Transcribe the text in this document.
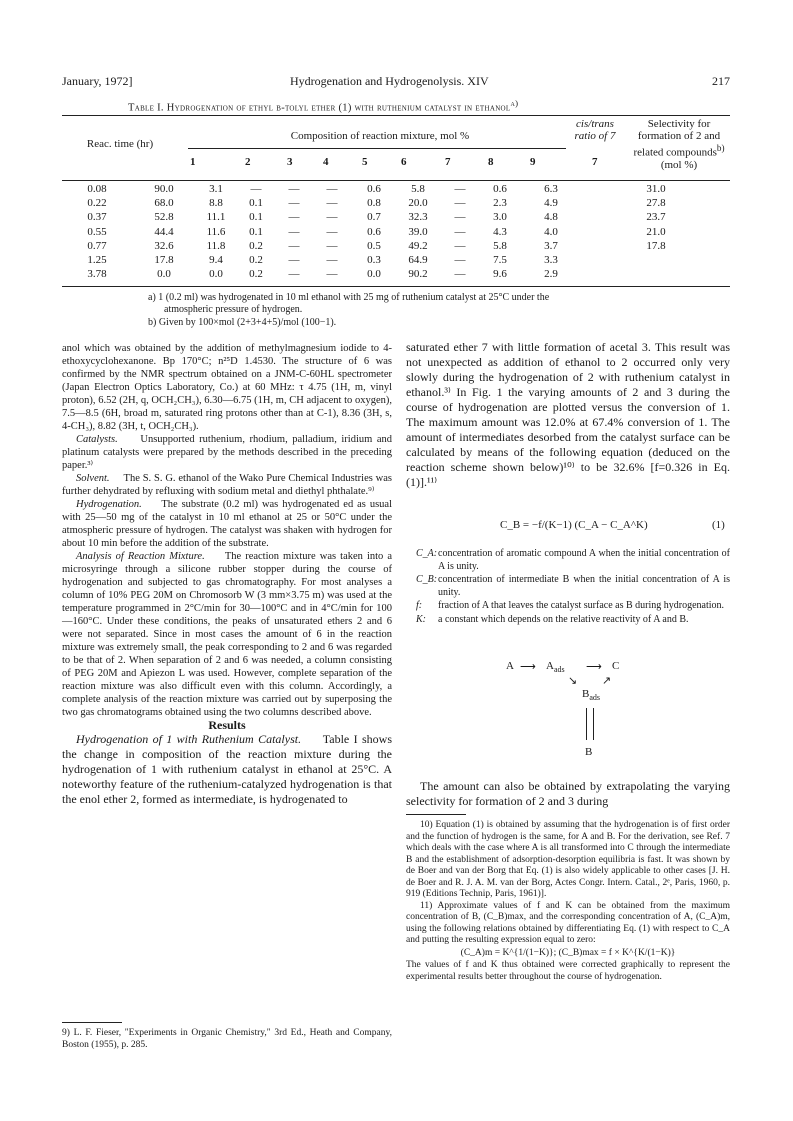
January, 1972]	Hydrogenation and Hydrogenolysis. XIV	217
Table I. Hydrogenation of ethyl β-tolyl ether (1) with ruthenium catalyst in ethanol$^{a)}$
Reac. time (hr)
Composition of reaction mixture, mol %
cis/trans ratio of 7
Selectivity for formation of 2 and related compounds$^{b)}$
(mol %)
1	2	3	4	5	6	7	8	9	7
0.08	90.0	3.1	—	—	—	0.6	5.8	—	0.6	6.3	31.0
0.22	68.0	8.8	0.1	—	—	0.8	20.0	—	2.3	4.9	27.8
0.37	52.8	11.1	0.1	—	—	0.7	32.3	—	3.0	4.8	23.7
0.55	44.4	11.6	0.1	—	—	0.6	39.0	—	4.3	4.0	21.0
0.77	32.6	11.8	0.2	—	—	0.5	49.2	—	5.8	3.7	17.8
1.25	17.8	9.4	0.2	—	—	0.3	64.9	—	7.5	3.3	
3.78	0.0	0.0	0.2	—	—	0.0	90.2	—	9.6	2.9	
a) 1 (0.2 ml) was hydrogenated in 10 ml ethanol with 25 mg of ruthenium catalyst at 25°C under the
atmospheric pressure of hydrogen.
b) Given by 100×mol (2+3+4+5)/mol (100−1).

anol which was obtained by the addition of methylmagnesium iodide to 4-ethoxycyclohexanone. Bp 170°C; n²⁵D 1.4530. The structure of 6 was confirmed by the NMR spectrum obtained on a JNM-C-60HL spectrometer (Japan Electron Optics Laboratory, Co.) at 60 MHz: τ 4.75 (1H, m, vinyl proton), 6.52 (2H, q, OCH₂CH₃), 6.30—6.75 (1H, m, CH adjacent to oxygen), 7.5—8.5 (6H, broad m, saturated ring protons other than at C-1), 8.36 (3H, s, 4-CH₃), 8.82 (3H, t, OCH₂CH₃).

Catalysts. Unsupported ruthenium, rhodium, palladium, iridium and platinum catalysts were prepared by the methods described in the preceding paper.³⁾

Solvent. The S. S. G. ethanol of the Wako Pure Chemical Industries was further dehydrated by refluxing with sodium metal and diethyl phthalate.⁹⁾

Hydrogenation. The substrate (0.2 ml) was hydrogenated ed as usual with 25—50 mg of the catalyst in 10 ml ethanol at 25 or 50°C under the atmospheric pressure of hydrogen. The catalyst was shaken with hydrogen for about 10 min before the addition of the substrate.

Analysis of Reaction Mixture. The reaction mixture was taken into a microsyringe through a silicone rubber stopper during the course of hydrogenation and subjected to gas chromatography. For most analyses a column of 10% PEG 20M on Chromosorb W (3 mm×3.75 m) was used at the temperature programmed in 2°C/min for 30—100°C and in 4°C/min for 100—160°C. Under these conditions, the peaks of unsaturated ethers 2 and 6 were not separated. Since in most cases the amount of 6 in the reaction mixture was extremely small, the peak corresponding to 2 and 6 was regarded to be that of 2. When separation of 2 and 6 was needed, a column consisting of PEG 20M and Apiezon L was used. However, complete separation of the reaction mixture was also difficult even with this column. Accordingly, a complete analysis of the reaction mixture was carried out by superposing the two gas chromatograms obtained using the two columns described above.

Results

Hydrogenation of 1 with Ruthenium Catalyst. Table I shows the change in composition of the reaction mixture during the hydrogenation of 1 with ruthenium catalyst in ethanol at 25°C. A noteworthy feature of the ruthenium-catalyzed hydrogenation is that the enol ether 2, formed as intermediate, is hydrogenated to

9) L. F. Fieser, "Experiments in Organic Chemistry," 3rd Ed., Heath and Company, Boston (1955), p. 285.

saturated ether 7 with little formation of acetal 3. This result was not unexpected as addition of ethanol to 2 occurred only very slowly during the hydrogenation of 2 with ruthenium catalyst in ethanol.³⁾ In Fig. 1 the varying amounts of 2 and 3 during the course of hydrogenation are plotted versus the conversion of 1. The maximum amount was 12.0% at 67.4% conversion of 1. The amount of intermediates desorbed from the catalyst surface can be calculated by means of the following equation (deduced on the reaction scheme shown below)¹⁰⁾ to be 32.6% [f=0.326 in Eq. (1)].¹¹⁾

C_B = −f/(K−1) (C_A − C_A^K)	(1)
C_A: concentration of aromatic compound A when the initial concentration of A is unity.
C_B: concentration of intermediate B when the initial concentration of A is unity.
f:	fraction of A that leaves the catalyst surface as B during hydrogenation.
K:	a constant which depends on the relative reactivity of A and B.
A ⟶ $A_{ads}$ ⟶ C
↘ ↗
$B_{ads}$
B

The amount can also be obtained by extrapolating the varying selectivity for formation of 2 and 3 during

10) Equation (1) is obtained by assuming that the hydrogenation is of first order and the function of hydrogen is the same, for A and B. For the derivation, see Ref. 7 which deals with the case where A is all transformed into C through the intermediate B and the establishment of adsorption-desorption equilibria is fast. It was shown by de Boer and van der Borg that Eq. (1) is also widely applicable to other cases [J. H. de Boer and R. J. A. M. van der Borg, Actes Congr. Intern. Catal., 2ᵉ, Paris, 1960, p. 919 (Editions Technip, Paris, 1961)].

11) Approximate values of f and K can be obtained from the maximum concentration of B, (C_B)max, and the corresponding concentration of A, (C_A)m, using the following relations obtained by differentiating Eq. (1) with respect to C_A and putting the resulting expression equal to zero:

(C_A)m = K^{1/(1−K)}; (C_B)max = f × K^{K/(1−K)}

The values of f and K thus obtained were corrected graphically to represent the experimental results better throughout the course of hydrogenation.
